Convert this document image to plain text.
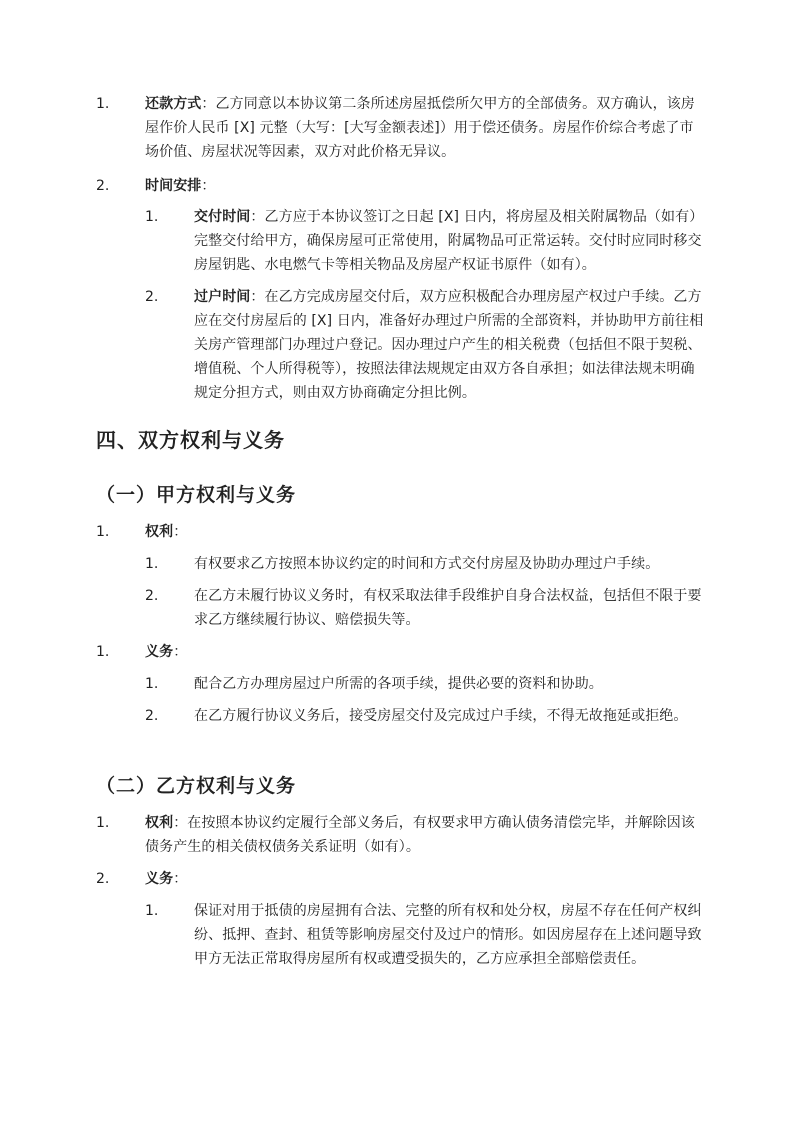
1.	还款方式：乙方同意以本协议第二条所述房屋抵偿所欠甲方的全部债务。双方确认，该房屋作价人民币 [X] 元整（大写：[大写金额表述]）用于偿还债务。房屋作价综合考虑了市场价值、房屋状况等因素，双方对此价格无异议。
2.	时间安排：
1.	交付时间：乙方应于本协议签订之日起 [X] 日内，将房屋及相关附属物品（如有）完整交付给甲方，确保房屋可正常使用，附属物品可正常运转。交付时应同时移交房屋钥匙、水电燃气卡等相关物品及房屋产权证书原件（如有）。
2.	过户时间：在乙方完成房屋交付后，双方应积极配合办理房屋产权过户手续。乙方应在交付房屋后的 [X] 日内，准备好办理过户所需的全部资料，并协助甲方前往相关房产管理部门办理过户登记。因办理过户产生的相关税费（包括但不限于契税、增值税、个人所得税等），按照法律法规规定由双方各自承担；如法律法规未明确规定分担方式，则由双方协商确定分担比例。
四、双方权利与义务
（一）甲方权利与义务
1.	权利：
1.	有权要求乙方按照本协议约定的时间和方式交付房屋及协助办理过户手续。
2.	在乙方未履行协议义务时，有权采取法律手段维护自身合法权益，包括但不限于要求乙方继续履行协议、赔偿损失等。
1.	义务：
1.	配合乙方办理房屋过户所需的各项手续，提供必要的资料和协助。
2.	在乙方履行协议义务后，接受房屋交付及完成过户手续，不得无故拖延或拒绝。
（二）乙方权利与义务
1.	权利：在按照本协议约定履行全部义务后，有权要求甲方确认债务清偿完毕，并解除因该债务产生的相关债权债务关系证明（如有）。
2.	义务：
1.	保证对用于抵债的房屋拥有合法、完整的所有权和处分权，房屋不存在任何产权纠纷、抵押、查封、租赁等影响房屋交付及过户的情形。如因房屋存在上述问题导致甲方无法正常取得房屋所有权或遭受损失的，乙方应承担全部赔偿责任。
